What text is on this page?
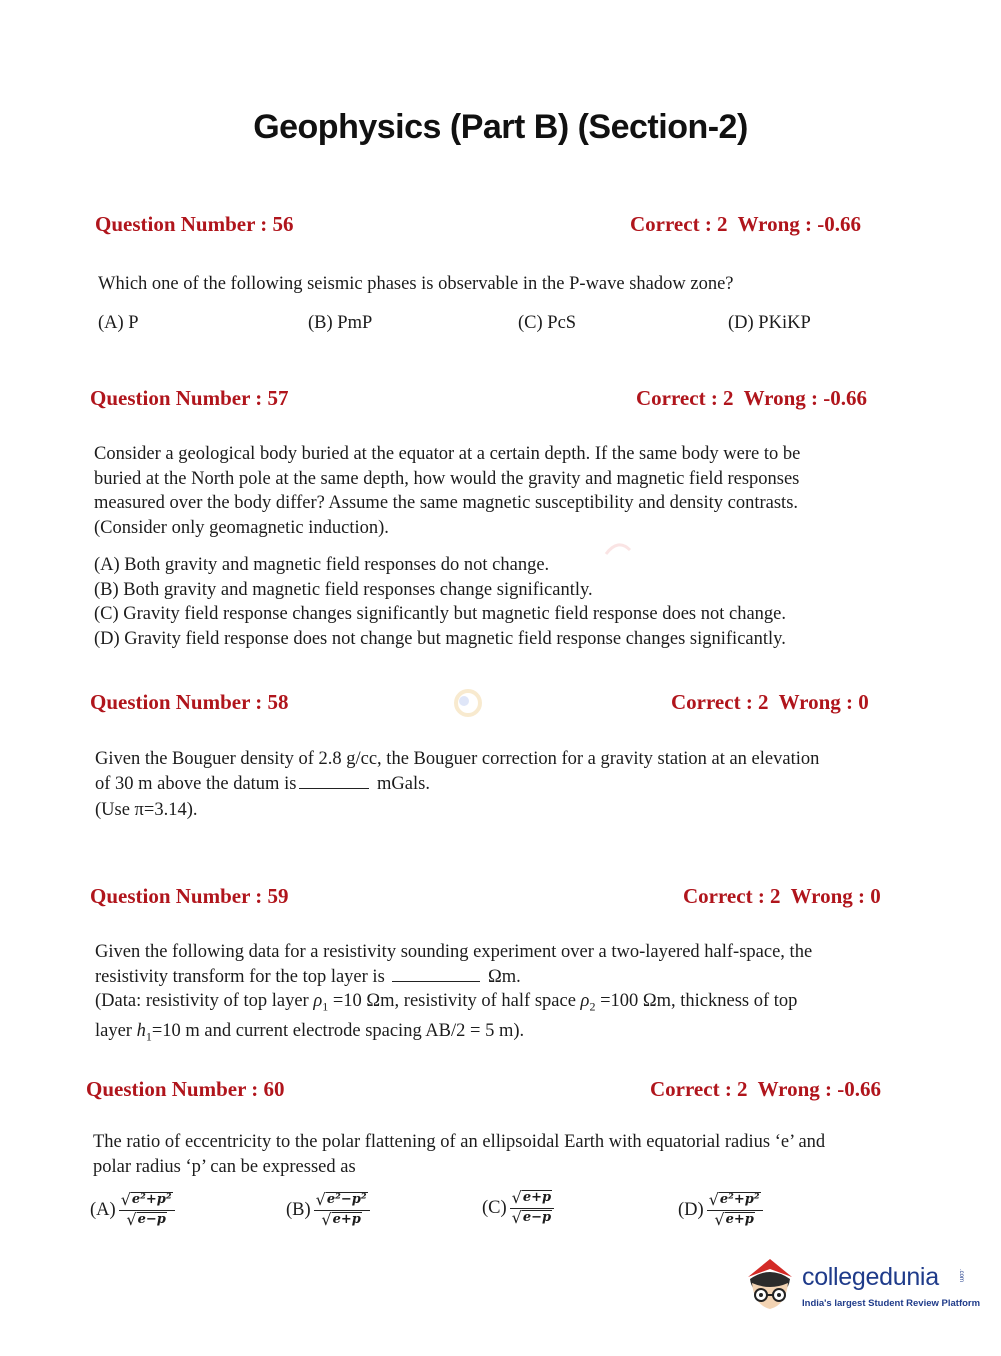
Geophysics (Part B) (Section-2)
Question Number : 56	Correct : 2 Wrong : -0.66
Which one of the following seismic phases is observable in the P-wave shadow zone?
(A) P	(B) PmP	(C) PcS	(D) PKiKP
Question Number : 57	Correct : 2 Wrong : -0.66
Consider a geological body buried at the equator at a certain depth. If the same body were to be
buried at the North pole at the same depth, how would the gravity and magnetic field responses
measured over the body differ? Assume the same magnetic susceptibility and density contrasts.
(Consider only geomagnetic induction).
(A) Both gravity and magnetic field responses do not change.
(B) Both gravity and magnetic field responses change significantly.
(C) Gravity field response changes significantly but magnetic field response does not change.
(D) Gravity field response does not change but magnetic field response changes significantly.
Question Number : 58	Correct : 2 Wrong : 0
Given the Bouguer density of 2.8 g/cc, the Bouguer correction for a gravity station at an elevation
of 30 m above the datum is	mGals.
(Use π=3.14).
Question Number : 59	Correct : 2 Wrong : 0
Given the following data for a resistivity sounding experiment over a two-layered half-space, the
resistivity transform for the top layer is	Ωm.
(Data: resistivity of top layer $\rho_1 =10$ Ωm, resistivity of half space $\rho_2 =100$ Ωm, thickness of top
layer $h_1=10$ m and current electrode spacing AB/2 = 5 m).
Question Number : 60	Correct : 2 Wrong : -0.66
The ratio of eccentricity to the polar flattening of an ellipsoidal Earth with equatorial radius ‘e’ and
polar radius ‘p’ can be expressed as
$(A) \frac{\text{√ e²+p²}}{√ e-p}$	$(B) \frac{\text{√ e²−p²}}{√ e+p}$	$(C) \frac{√ e+p}{√ e-p}$	$(D) \frac{\text{√ e²+p²}}{√ e+p}$
collegedunia	.com
India's largest Student Review Platform
